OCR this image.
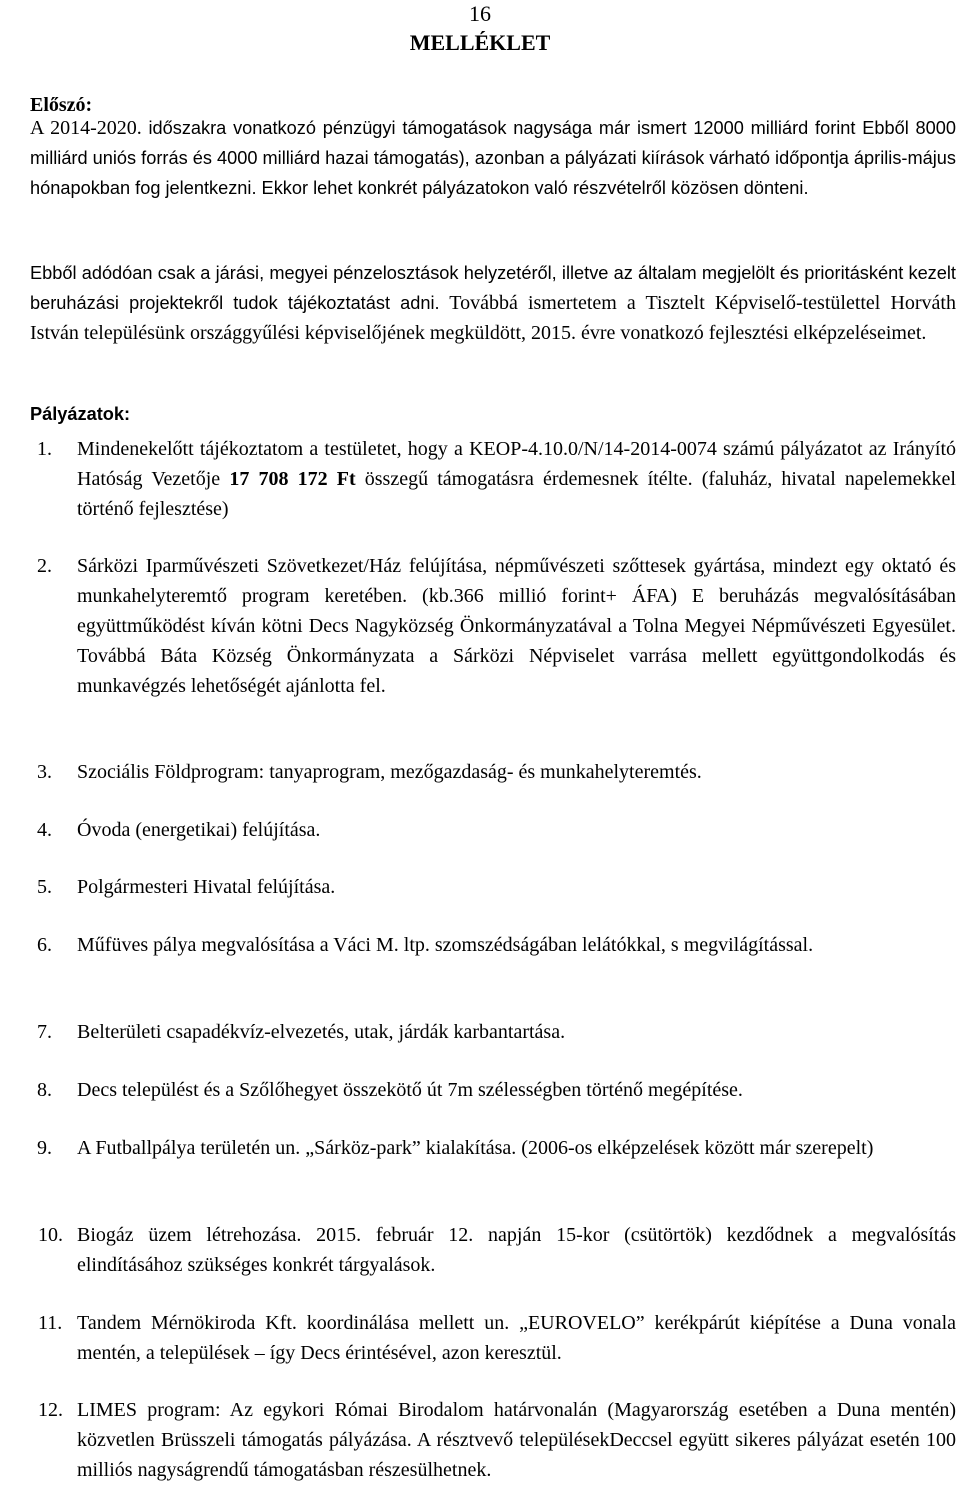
16
MELLÉKLET
Előszó:
A 2014-2020. időszakra vonatkozó pénzügyi támogatások nagysága már ismert 12000 milliárd forint Ebből 8000 milliárd uniós forrás és 4000 milliárd hazai támogatás), azonban a pályázati kiírások várható időpontja április-május hónapokban fog jelentkezni. Ekkor lehet konkrét pályázatokon való részvételről közösen dönteni.
Ebből adódóan csak a járási, megyei pénzelosztások helyzetéről, illetve az általam megjelölt és prioritásként kezelt beruházási projektekről tudok tájékoztatást adni. Továbbá ismertetem a Tisztelt Képviselő-testülettel Horváth István településünk országgyűlési képviselőjének megküldött, 2015. évre vonatkozó fejlesztési elképzeléseimet.
Pályázatok:
1. Mindenekelőtt tájékoztatom a testületet, hogy a KEOP-4.10.0/N/14-2014-0074 számú pályázatot az Irányító Hatóság Vezetője 17 708 172 Ft összegű támogatásra érdemesnek ítélte. (faluház, hivatal napelemekkel történő fejlesztése)
2. Sárközi Iparművészeti Szövetkezet/Ház felújítása, népművészeti szőttesek gyártása, mindezt egy oktató és munkahelyteremtő program keretében. (kb.366 millió forint+ ÁFA) E beruházás megvalósításában együttműködést kíván kötni Decs Nagyközség Önkormányzatával a Tolna Megyei Népművészeti Egyesület. Továbbá Báta Község Önkormányzata a Sárközi Népviselet varrása mellett együttgondolkodás és munkavégzés lehetőségét ajánlotta fel.
3. Szociális Földprogram: tanyaprogram, mezőgazdaság- és munkahelyteremtés.
4. Óvoda (energetikai) felújítása.
5. Polgármesteri Hivatal felújítása.
6. Műfüves pálya megvalósítása a Váci M. ltp. szomszédságában lelátókkal, s megvilágítással.
7. Belterületi csapadékvíz-elvezetés, utak, járdák karbantartása.
8. Decs települést és a Szőlőhegyet összekötő út 7m szélességben történő megépítése.
9. A Futballpálya területén un. „Sárköz-park” kialakítása. (2006-os elképzelések között már szerepelt)
10. Biogáz üzem létrehozása. 2015. február 12. napján 15-kor (csütörtök) kezdődnek a megvalósítás elindításához szükséges konkrét tárgyalások.
11. Tandem Mérnökiroda Kft. koordinálása mellett un. „EUROVELO” kerékpárút kiépítése a Duna vonala mentén, a települések – így Decs érintésével, azon keresztül.
12. LIMES program: Az egykori Római Birodalom határvonalán (Magyarország esetében a Duna mentén) közvetlen Brüsszeli támogatás pályázása. A résztvevő településekDeccsel együtt sikeres pályázat esetén 100 milliós nagyságrendű támogatásban részesülhetnek.
